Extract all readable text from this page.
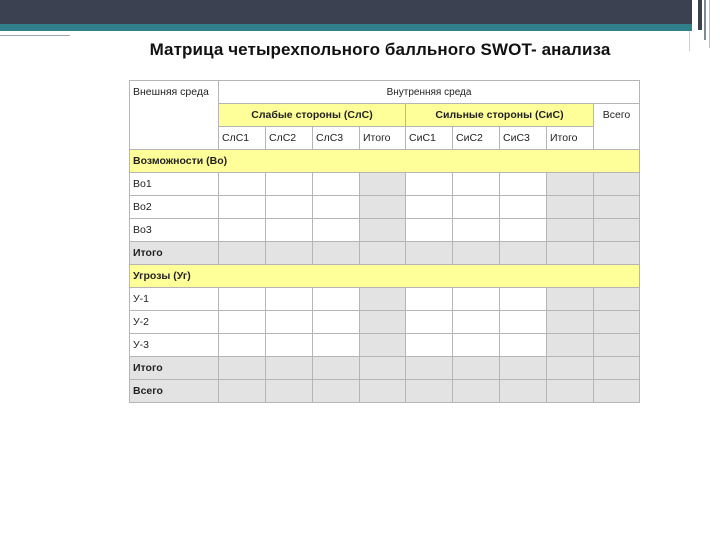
Матрица четырехпольного балльного SWOT- анализа
Внешняя среда	Внутренняя среда								
	Слабые стороны (СлС)				Сильные стороны (СиС)				Всего
	СлС1	СлС2	СлС3	Итого	СиС1	СиС2	СиС3	Итого	
Возможности (Во)									
Во1									
Во2									
Во3									
Итого									
Угрозы (Уг)									
У-1									
У-2									
У-3									
Итого									
Всего									
